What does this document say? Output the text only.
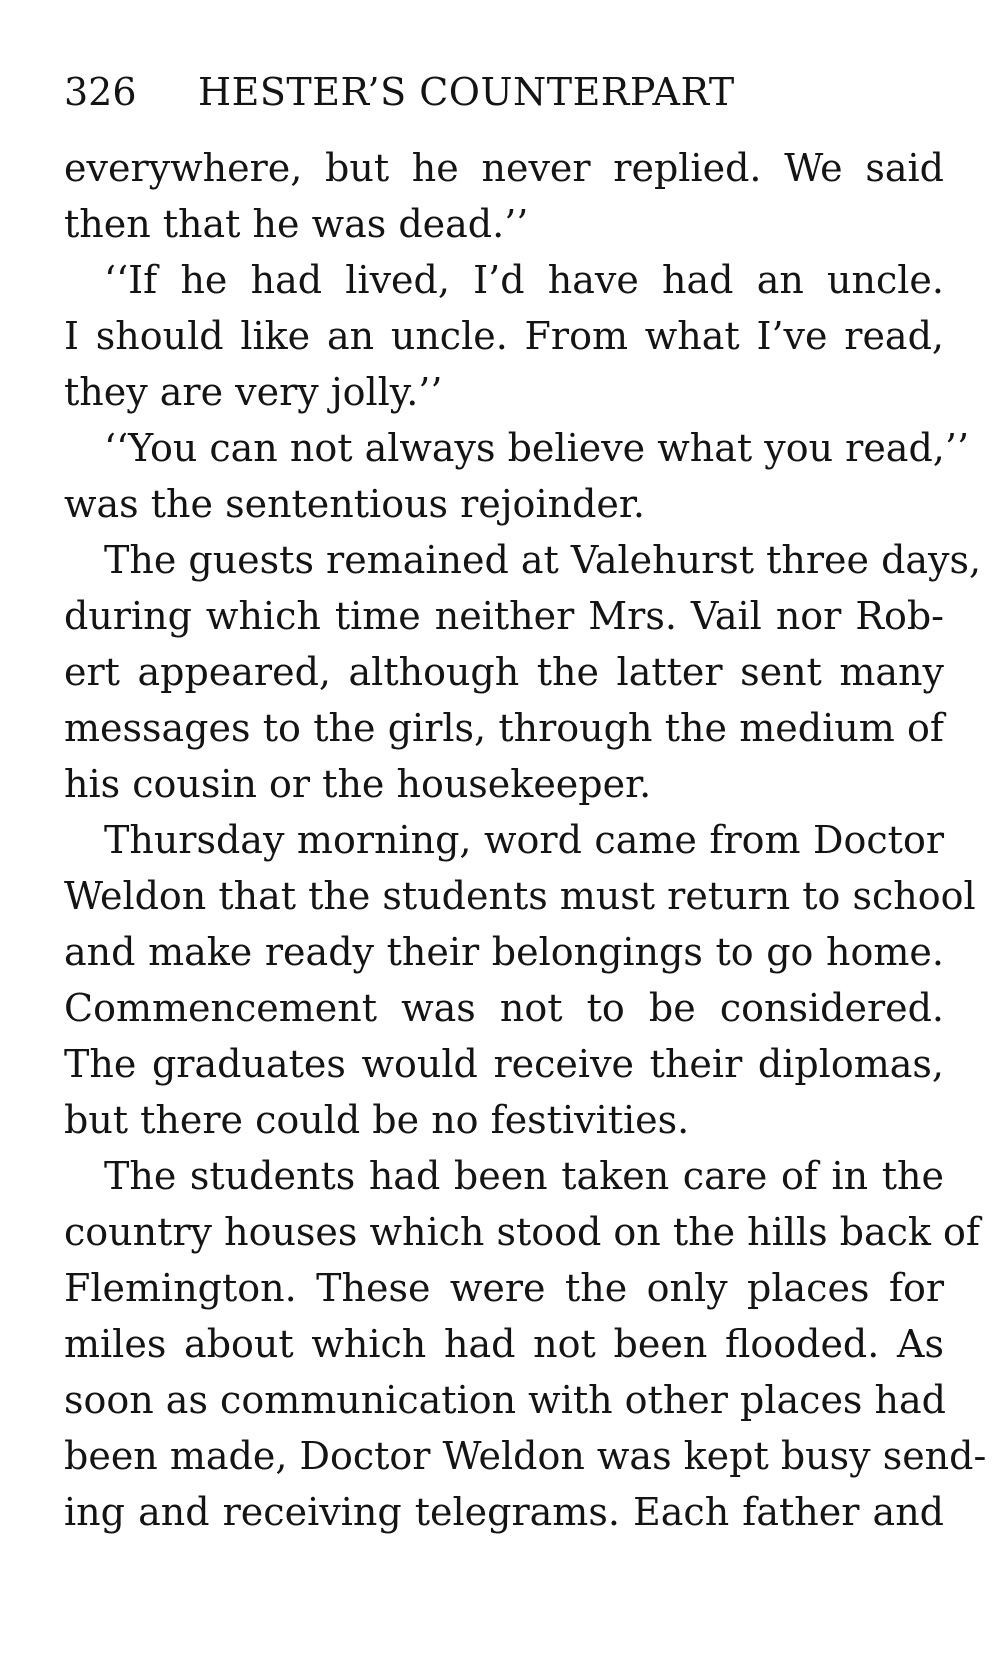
326 HESTER’S COUNTERPART
everywhere, but he never replied. We said
then that he was dead.’’
‘‘If he had lived, I’d have had an uncle.
I should like an uncle. From what I’ve read,
they are very jolly.’’
‘‘You can not always believe what you read,’’
was the sententious rejoinder.
The guests remained at Valehurst three days,
during which time neither Mrs. Vail nor Rob-
ert appeared, although the latter sent many
messages to the girls, through the medium of
his cousin or the housekeeper.
Thursday morning, word came from Doctor
Weldon that the students must return to school
and make ready their belongings to go home.
Commencement was not to be considered.
The graduates would receive their diplomas,
but there could be no festivities.
The students had been taken care of in the
country houses which stood on the hills back of
Flemington. These were the only places for
miles about which had not been flooded. As
soon as communication with other places had
been made, Doctor Weldon was kept busy send-
ing and receiving telegrams. Each father and
